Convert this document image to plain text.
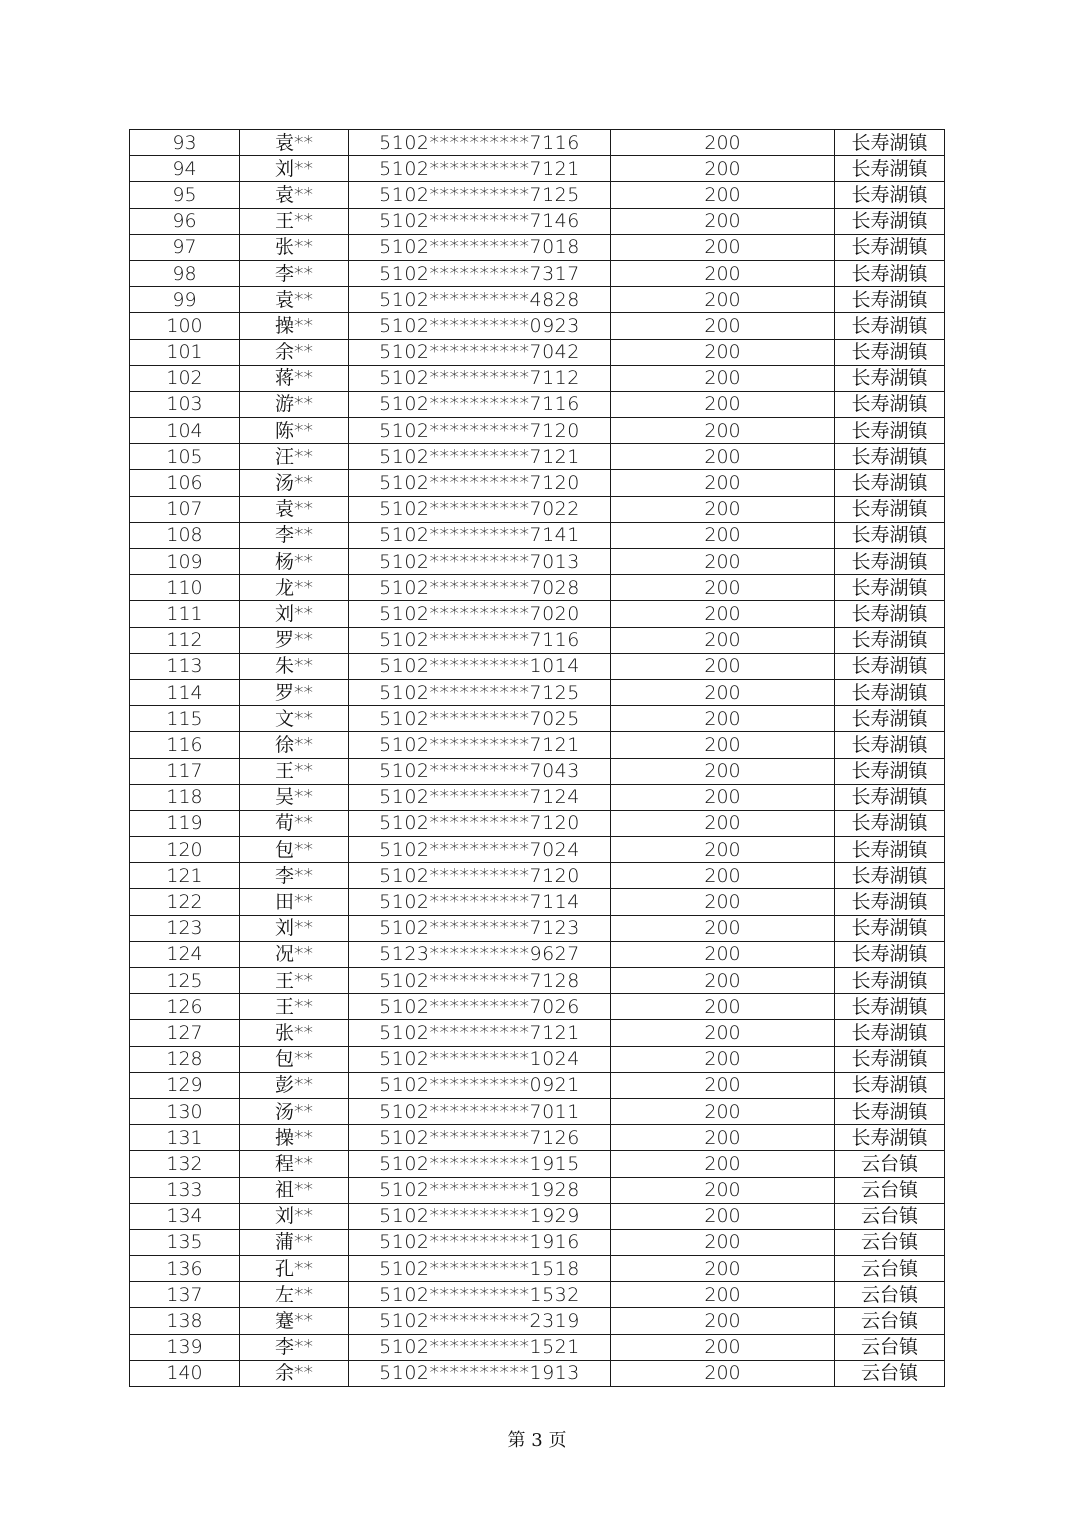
93	袁**	5102**********7116	200	长寿湖镇
94	刘**	5102**********7121	200	长寿湖镇
95	袁**	5102**********7125	200	长寿湖镇
96	王**	5102**********7146	200	长寿湖镇
97	张**	5102**********7018	200	长寿湖镇
98	李**	5102**********7317	200	长寿湖镇
99	袁**	5102**********4828	200	长寿湖镇
100	操**	5102**********0923	200	长寿湖镇
101	余**	5102**********7042	200	长寿湖镇
102	蒋**	5102**********7112	200	长寿湖镇
103	游**	5102**********7116	200	长寿湖镇
104	陈**	5102**********7120	200	长寿湖镇
105	汪**	5102**********7121	200	长寿湖镇
106	汤**	5102**********7120	200	长寿湖镇
107	袁**	5102**********7022	200	长寿湖镇
108	李**	5102**********7141	200	长寿湖镇
109	杨**	5102**********7013	200	长寿湖镇
110	龙**	5102**********7028	200	长寿湖镇
111	刘**	5102**********7020	200	长寿湖镇
112	罗**	5102**********7116	200	长寿湖镇
113	朱**	5102**********1014	200	长寿湖镇
114	罗**	5102**********7125	200	长寿湖镇
115	文**	5102**********7025	200	长寿湖镇
116	徐**	5102**********7121	200	长寿湖镇
117	王**	5102**********7043	200	长寿湖镇
118	吴**	5102**********7124	200	长寿湖镇
119	荀**	5102**********7120	200	长寿湖镇
120	包**	5102**********7024	200	长寿湖镇
121	李**	5102**********7120	200	长寿湖镇
122	田**	5102**********7114	200	长寿湖镇
123	刘**	5102**********7123	200	长寿湖镇
124	况**	5123**********9627	200	长寿湖镇
125	王**	5102**********7128	200	长寿湖镇
126	王**	5102**********7026	200	长寿湖镇
127	张**	5102**********7121	200	长寿湖镇
128	包**	5102**********1024	200	长寿湖镇
129	彭**	5102**********0921	200	长寿湖镇
130	汤**	5102**********7011	200	长寿湖镇
131	操**	5102**********7126	200	长寿湖镇
132	程**	5102**********1915	200	云台镇
133	祖**	5102**********1928	200	云台镇
134	刘**	5102**********1929	200	云台镇
135	蒲**	5102**********1916	200	云台镇
136	孔**	5102**********1518	200	云台镇
137	左**	5102**********1532	200	云台镇
138	蹇**	5102**********2319	200	云台镇
139	李**	5102**********1521	200	云台镇
140	余**	5102**********1913	200	云台镇
第 3 页
